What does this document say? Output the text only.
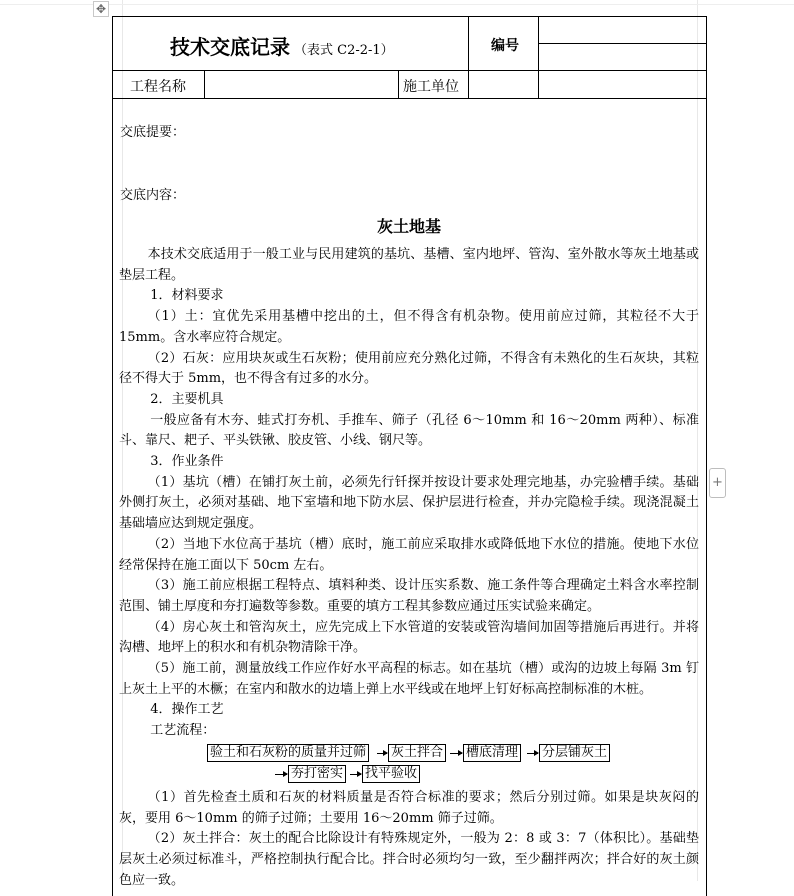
✥
+
技术交底记录 （表式 C2-2-1）	编号
工程名称	施工单位
交底提要：
交底内容：
灰土地基

本技术交底适用于一般工业与民用建筑的基坑、基槽、室内地坪、管沟、室外散水等灰土地基或垫层工程。

1．材料要求

（1）土：宜优先采用基槽中挖出的土，但不得含有机杂物。使用前应过筛，其粒径不大于 15mm。含水率应符合规定。

（2）石灰：应用块灰或生石灰粉；使用前应充分熟化过筛，不得含有未熟化的生石灰块，其粒径不得大于 5mm，也不得含有过多的水分。

2．主要机具

一般应备有木夯、蛙式打夯机、手推车、筛子（孔径 6～10mm 和 16～20mm 两种）、标准斗、靠尺、耙子、平头铁锹、胶皮管、小线、钢尺等。

3．作业条件

（1）基坑（槽）在铺打灰土前，必须先行钎探并按设计要求处理完地基，办完验槽手续。基础外侧打灰土，必须对基础、地下室墙和地下防水层、保护层进行检查，并办完隐检手续。现浇混凝土基础墙应达到规定强度。

（2）当地下水位高于基坑（槽）底时，施工前应采取排水或降低地下水位的措施。使地下水位经常保持在施工面以下 50cm 左右。

（3）施工前应根据工程特点、填料种类、设计压实系数、施工条件等合理确定土料含水率控制范围、铺土厚度和夯打遍数等参数。重要的填方工程其参数应通过压实试验来确定。

（4）房心灰土和管沟灰土，应先完成上下水管道的安装或管沟墙间加固等措施后再进行。并将沟槽、地坪上的积水和有机杂物清除干净。

（5）施工前，测量放线工作应作好水平高程的标志。如在基坑（槽）或沟的边坡上每隔 3m 钉上灰土上平的木橛；在室内和散水的边墙上弹上水平线或在地坪上钉好标高控制标准的木桩。

4．操作工艺

工艺流程：

验土和石灰粉的质量并过筛 灰土拌合 槽底清理 分层铺灰土
夯打密实 找平验收

（1）首先检查土质和石灰的材料质量是否符合标准的要求；然后分别过筛。如果是块灰闷的灰，要用 6～10mm 的筛子过筛；土要用 16～20mm 筛子过筛。

（2）灰土拌合：灰土的配合比除设计有特殊规定外，一般为 2：8 或 3：7（体积比）。基础垫层灰土必须过标准斗，严格控制执行配合比。拌合时必须均匀一致，至少翻拌两次；拌合好的灰土颜色应一致。
